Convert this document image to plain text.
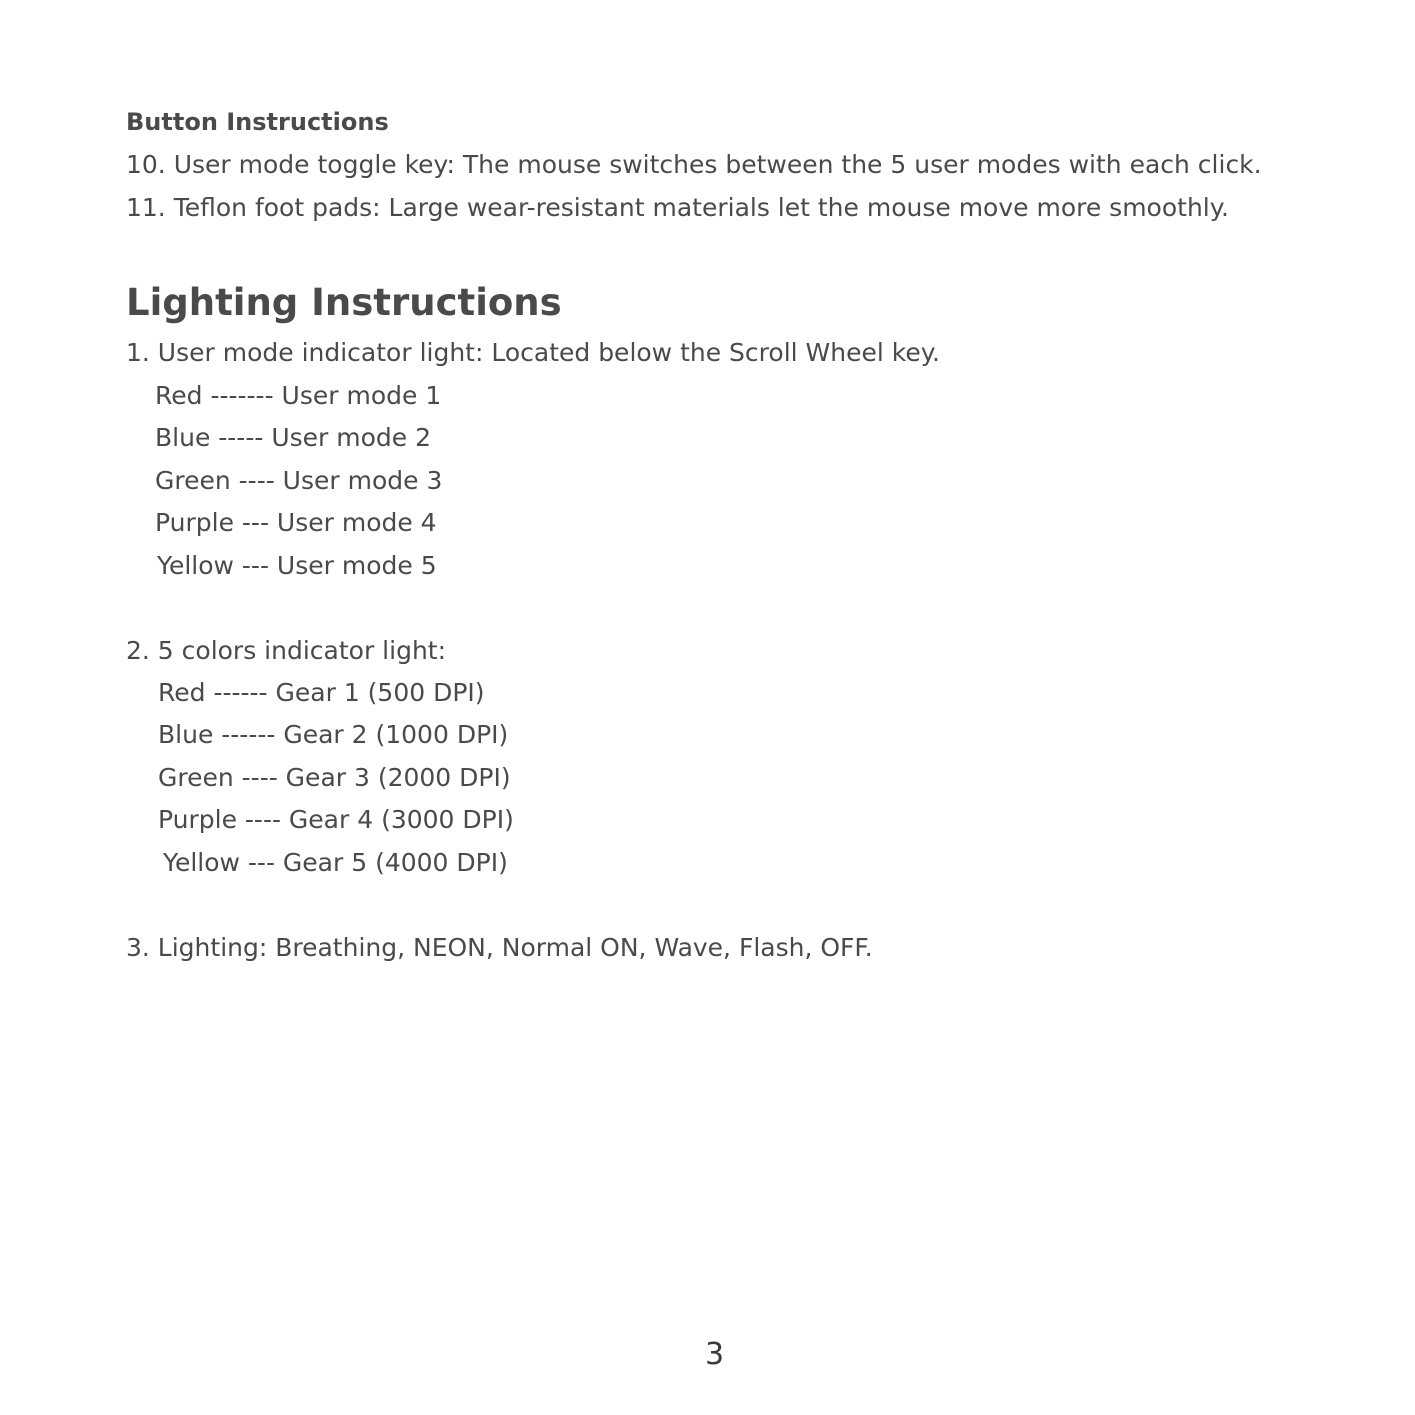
Button Instructions
10. User mode toggle key: The mouse switches between the 5 user modes with each click.
11. Teflon foot pads: Large wear-resistant materials let the mouse move more smoothly.
Lighting Instructions
1. User mode indicator light: Located below the Scroll Wheel key.
Red ------- User mode 1
Blue ----- User mode 2
Green ---- User mode 3
Purple --- User mode 4
Yellow --- User mode 5
2. 5 colors indicator light:
Red ------ Gear 1 (500 DPI)
Blue ------ Gear 2 (1000 DPI)
Green ---- Gear 3 (2000 DPI)
Purple ---- Gear 4 (3000 DPI)
Yellow --- Gear 5 (4000 DPI)
3. Lighting: Breathing, NEON, Normal ON, Wave, Flash, OFF.
3
